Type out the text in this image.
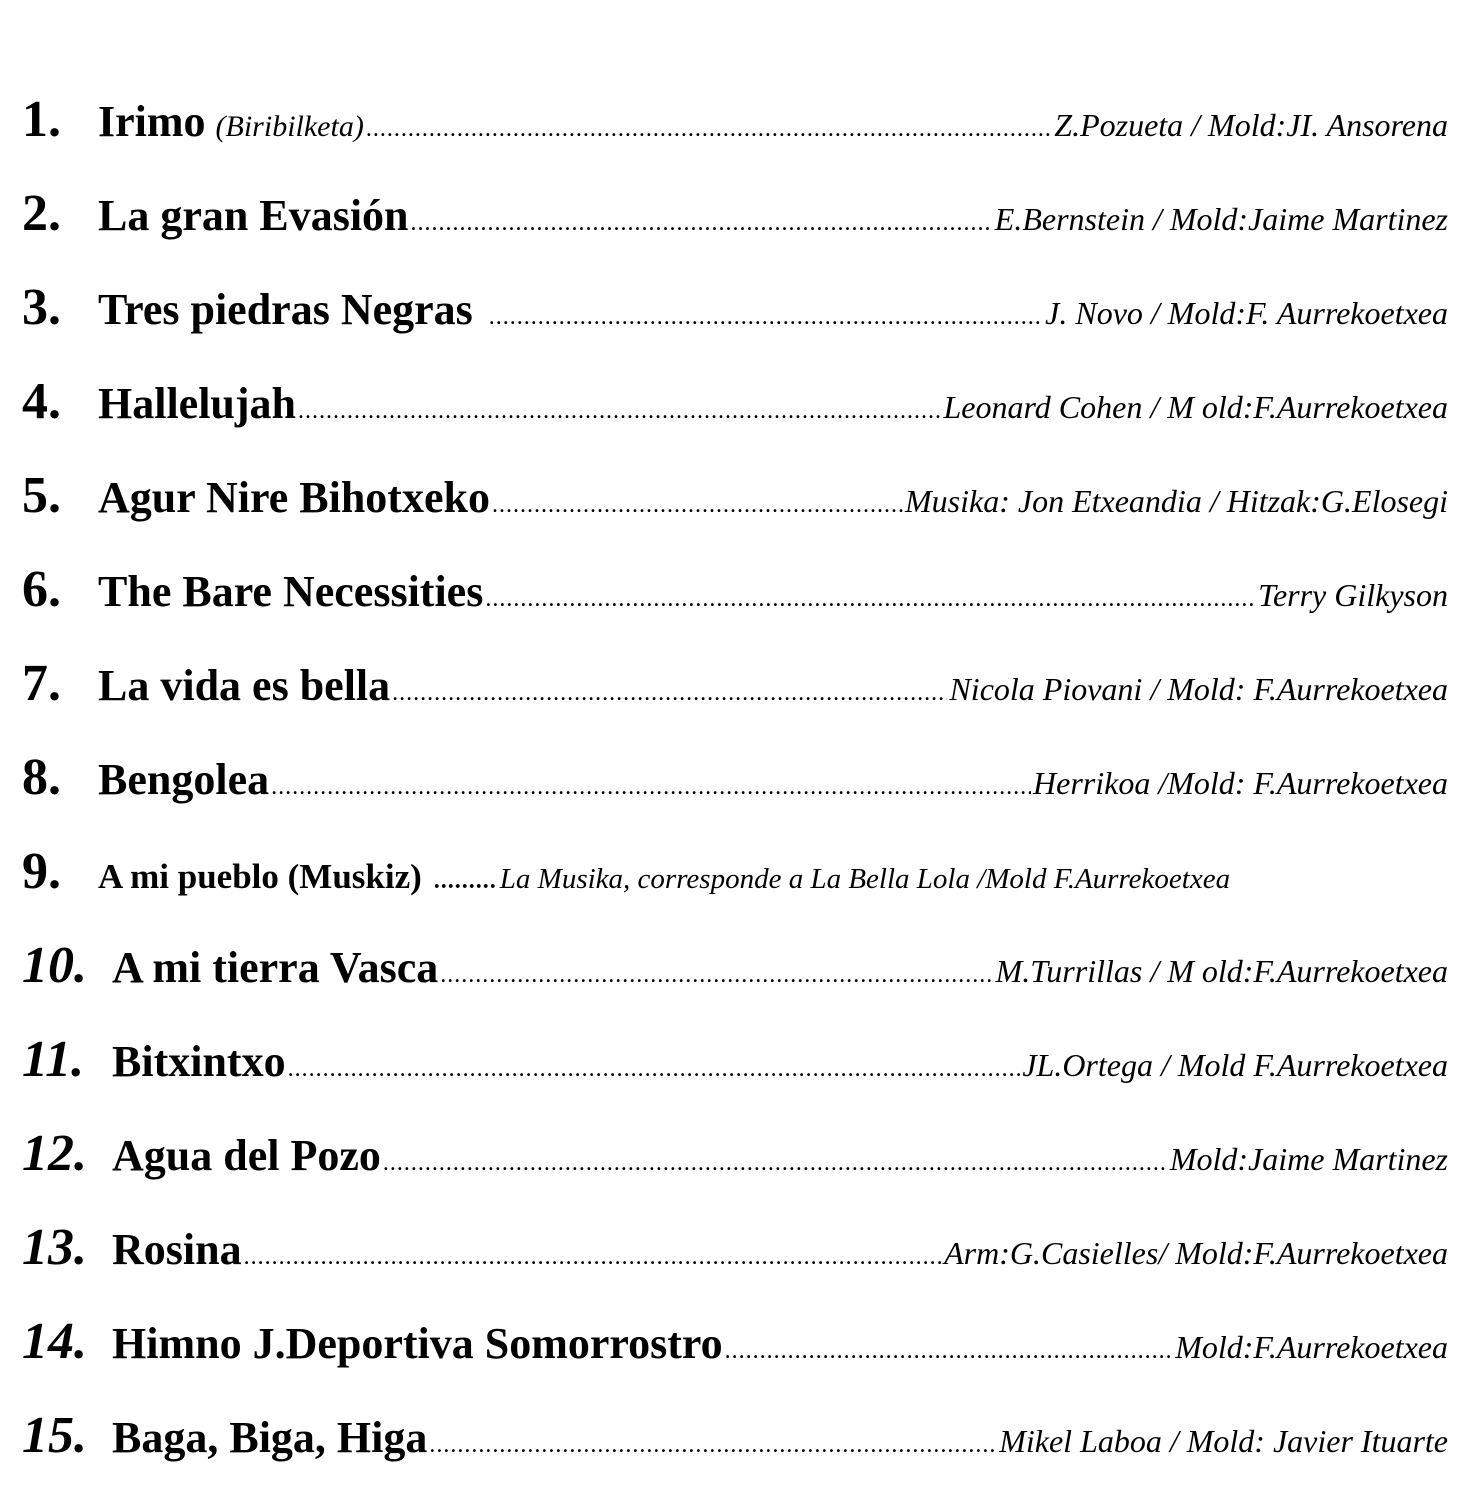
1. Irimo (Biribilketa) .....	Z.Pozueta / Mold:JI. Ansorena
2. La gran Evasión .....	E.Bernstein / Mold:Jaime Martinez
3. Tres piedras Negras .....	J. Novo / Mold:F. Aurrekoetxea
4. Hallelujah .....	Leonard Cohen / M old:F.Aurrekoetxea
5. Agur Nire Bihotxeko .....	Musika: Jon Etxeandia / Hitzak:G.Elosegi
6. The Bare Necessities .....	Terry Gilkyson
7. La vida es bella .....	Nicola Piovani / Mold: F.Aurrekoetxea
8. Bengolea .....	Herrikoa /Mold: F.Aurrekoetxea
9.	A mi pueblo (Muskiz) .....	La Musika, corresponde a La Bella Lola /Mold F.Aurrekoetxea
10. A mi tierra Vasca .....	M.Turrillas / M old:F.Aurrekoetxea
11. Bitxintxo .....	JL.Ortega / Mold F.Aurrekoetxea
12. Agua del Pozo .....	Mold:Jaime Martinez
13. Rosina .....	Arm:G.Casielles/ Mold:F.Aurrekoetxea
14. Himno J.Deportiva Somorrostro .....	Mold:F.Aurrekoetxea
15. Baga, Biga, Higa .....	Mikel Laboa / Mold: Javier Ituarte
